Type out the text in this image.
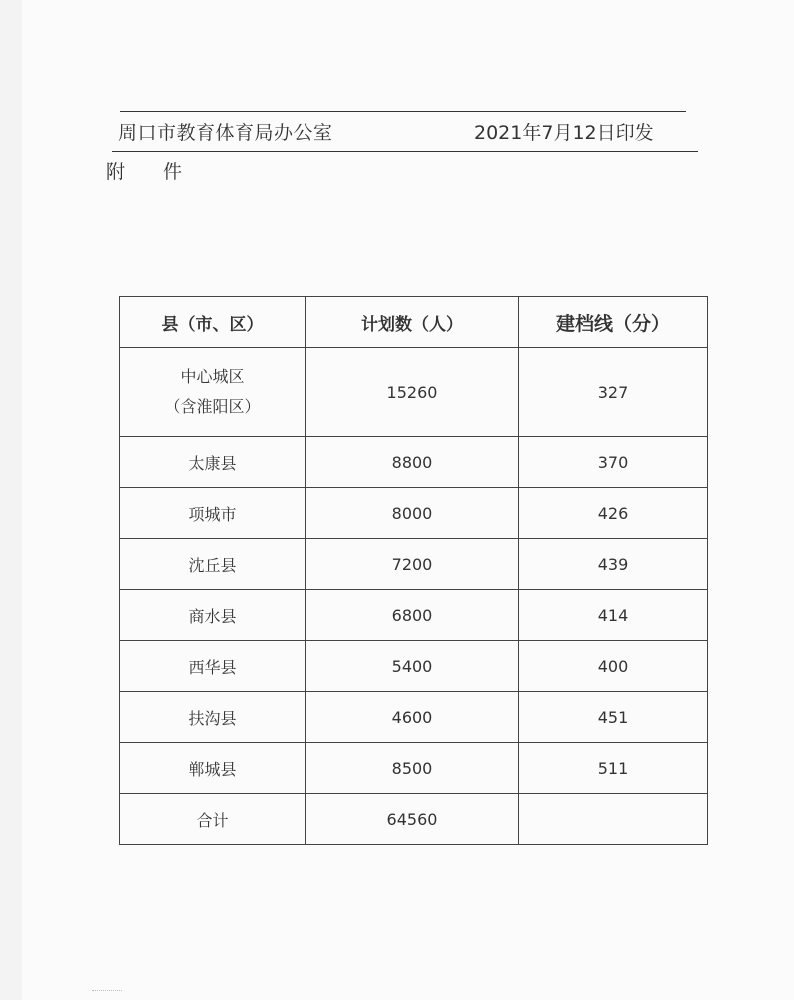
周口市教育体育局办公室	2021年7月12日印发
附 件
县（市、区）	计划数（人）	建档线（分）

中心城区
（含淮阳区）	15260	327
太康县	8800	370
项城市	8000	426
沈丘县	7200	439
商水县	6800	414
西华县	5400	400
扶沟县	4600	451
郸城县	8500	511
合计	64560	
